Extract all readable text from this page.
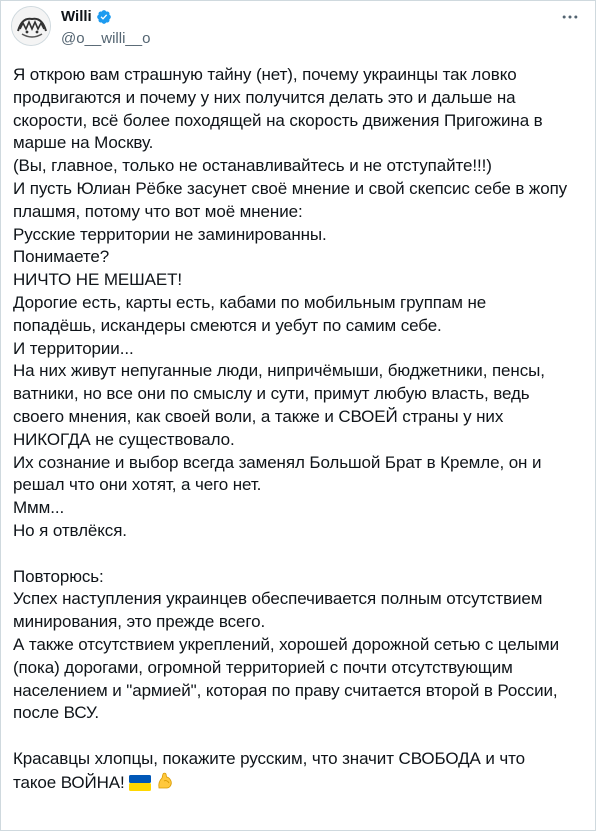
Willi
@o__willi__o
Я открою вам страшную тайну (нет), почему украинцы так ловко
продвигаются и почему у них получится делать это и дальше на
скорости, всё более походящей на скорость движения Пригожина в
марше на Москву.
(Вы, главное, только не останавливайтесь и не отступайте!!!)
И пусть Юлиан Рёбке засунет своё мнение и свой скепсис себе в жопу
плашмя, потому что вот моё мнение:
Русские территории не заминированны.
Понимаете?
НИЧТО НЕ МЕШАЕТ!
Дорогие есть, карты есть, кабами по мобильным группам не
попадёшь, искандеры смеются и уебут по самим себе.
И территории...
На них живут непуганные люди, нипричёмыши, бюджетники, пенсы,
ватники, но все они по смыслу и сути, примут любую власть, ведь
своего мнения, как своей воли, а также и СВОЕЙ страны у них
НИКОГДА не существовало.
Их сознание и выбор всегда заменял Большой Брат в Кремле, он и
решал что они хотят, а чего нет.
Ммм...
Но я отвлёкся.

Повторюсь:
Успех наступления украинцев обеспечивается полным отсутствием
минирования, это прежде всего.
А также отсутствием укреплений, хорошей дорожной сетью с целыми
(пока) дорогами, огромной территорией с почти отсутствующим
населением и "армией", которая по праву считается второй в России,
после ВСУ.

Красавцы хлопцы, покажите русским, что значит СВОБОДА и что
такое ВОЙНА!
